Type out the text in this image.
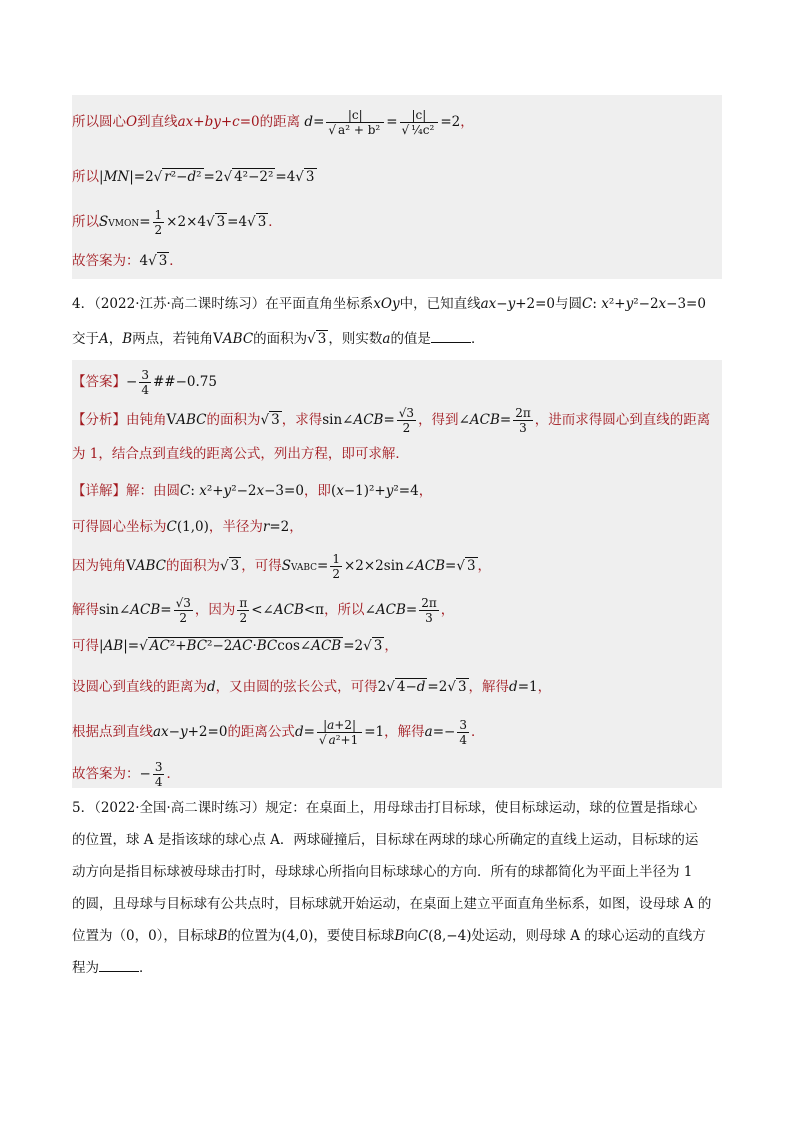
所以圆心O到直线ax+by+c=0的距离 $d= \frac{|c|}{\text{√ a² + b²}} = \frac{|c|}{\text{√ ¼c²}} =2$，
所以|MN|=2√ r²−d² =2√ 4²−2² =4√ 3
所以SVMON= $\frac{1}{2} \times 2\times 4√$ 3 =4√ 3 ．
故答案为：4√ 3 ．
4．（2022·江苏·高二课时练习）在平面直角坐标系xOy中，已知直线ax−y+2=0与圆C: x²+y²−2x−3=0
交于A，B两点，若钝角VABC的面积为√ 3 ，则实数a的值是	．
【答案】− $\frac{3}{4}$ ##−0.75
【分析】由钝角VABC的面积为√ 3 ，求得sin∠ACB= $\frac{√3}{2}$ ，得到∠ACB= $\frac{2\pi}{3}$ ，进而求得圆心到直线的距离
为 1，结合点到直线的距离公式，列出方程，即可求解．
【详解】解：由圆C: x²+y²−2x−3=0，即(x−1)²+y²=4，
可得圆心坐标为C(1,0)，半径为r=2，
因为钝角VABC的面积为√ 3 ，可得SVABC= $\frac{1}{2}$ ×2×2sin∠ACB=√ 3 ，
解得sin∠ACB= $\frac{√3}{2}$ ，因为 $\frac{\pi}{2}$ <∠ACB<π，所以∠ACB= $\frac{2\pi}{3}$ ，
可得|AB|=√ AC²+BC²−2AC·BCcos∠ACB =2√ 3 ，
设圆心到直线的距离为d，又由圆的弦长公式，可得2√ 4−d =2√ 3 ，解得d=1，
根据点到直线ax−y+2=0的距离公式$d= \frac{|a+2|}{\text{√ a²+1}} =1$，解得$a=- \frac{3}{4}$ ．
故答案为：− $\frac{3}{4}$ ．
5．（2022·全国·高二课时练习）规定：在桌面上，用母球击打目标球，使目标球运动，球的位置是指球心
的位置，球 A 是指该球的球心点 A．两球碰撞后，目标球在两球的球心所确定的直线上运动，目标球的运
动方向是指目标球被母球击打时，母球球心所指向目标球球心的方向．所有的球都简化为平面上半径为 1
的圆，且母球与目标球有公共点时，目标球就开始运动，在桌面上建立平面直角坐标系，如图，设母球 A 的
位置为（0，0），目标球B的位置为(4,0)，要使目标球B向C(8,−4)处运动，则母球 A 的球心运动的直线方
程为	．
